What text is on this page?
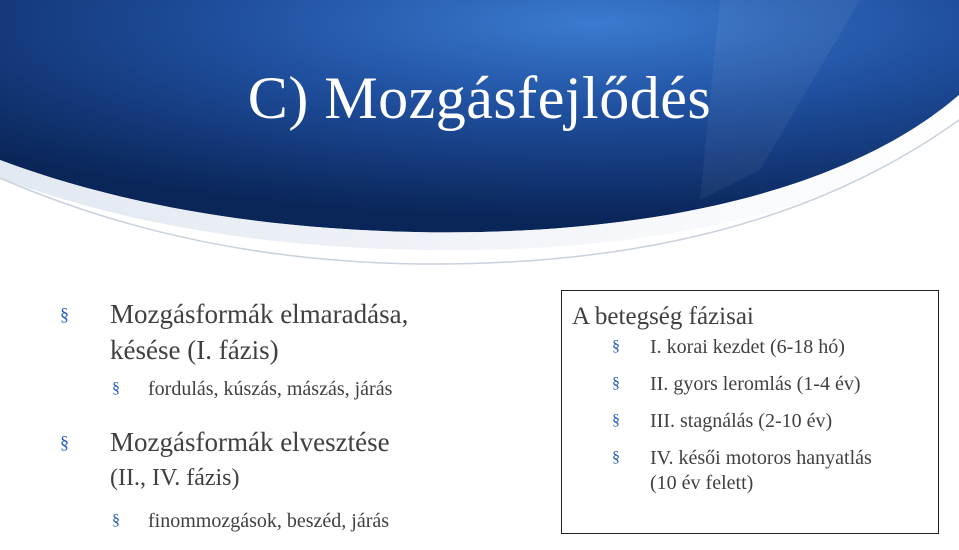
C) Mozgásfejlődés
§ Mozgásformák elmaradása,
késése (I. fázis)
§ fordulás, kúszás, mászás, járás
§ Mozgásformák elvesztése
(II., IV. fázis)
§ finommozgások, beszéd, járás
A betegség fázisai
§ I. korai kezdet (6-18 hó)
§ II. gyors leromlás (1-4 év)
§ III. stagnálás (2-10 év)
§ IV. késői motoros hanyatlás
(10 év felett)
